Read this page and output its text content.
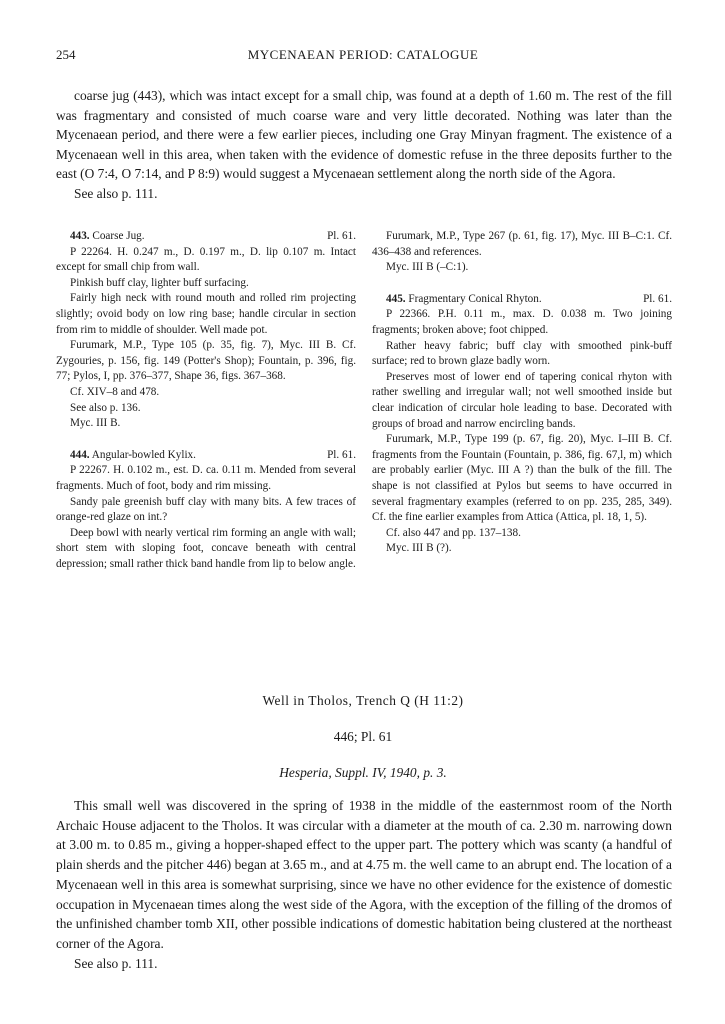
254	MYCENAEAN PERIOD: CATALOGUE

coarse jug (443), which was intact except for a small chip, was found at a depth of 1.60 m. The rest of the fill was fragmentary and consisted of much coarse ware and very little decorated. Nothing was later than the Mycenaean period, and there were a few earlier pieces, including one Gray Minyan fragment. The existence of a Mycenaean well in this area, when taken with the evidence of domestic refuse in the three deposits further to the east (O 7:4, O 7:14, and P 8:9) would suggest a Mycenaean settlement along the north side of the Agora.

See also p. 111.

443. Coarse Jug.	Pl. 61.

P 22264. H. 0.247 m., D. 0.197 m., D. lip 0.107 m. Intact except for small chip from wall.

Pinkish buff clay, lighter buff surfacing.

Fairly high neck with round mouth and rolled rim projecting slightly; ovoid body on low ring base; handle circular in section from rim to middle of shoulder. Well made pot.

Furumark, M.P., Type 105 (p. 35, fig. 7), Myc. III B. Cf. Zygouries, p. 156, fig. 149 (Potter's Shop); Fountain, p. 396, fig. 77; Pylos, I, pp. 376–377, Shape 36, figs. 367–368.

Cf. XIV–8 and 478.

See also p. 136.

Myc. III B.

444. Angular-bowled Kylix.	Pl. 61.

P 22267. H. 0.102 m., est. D. ca. 0.11 m. Mended from several fragments. Much of foot, body and rim missing.

Sandy pale greenish buff clay with many bits. A few traces of orange-red glaze on int.?

Deep bowl with nearly vertical rim forming an angle with wall; short stem with sloping foot, concave beneath with central depression; small rather thick band handle from lip to below angle.

Furumark, M.P., Type 267 (p. 61, fig. 17), Myc. III B–C:1. Cf. 436–438 and references.

Myc. III B (–C:1).

445. Fragmentary Conical Rhyton.	Pl. 61.

P 22366. P.H. 0.11 m., max. D. 0.038 m. Two joining fragments; broken above; foot chipped.

Rather heavy fabric; buff clay with smoothed pink-buff surface; red to brown glaze badly worn.

Preserves most of lower end of tapering conical rhyton with rather swelling and irregular wall; not well smoothed inside but clear indication of circular hole leading to base. Decorated with groups of broad and narrow encircling bands.

Furumark, M.P., Type 199 (p. 67, fig. 20), Myc. I–III B. Cf. fragments from the Fountain (Fountain, p. 386, fig. 67,l, m) which are probably earlier (Myc. III A ?) than the bulk of the fill. The shape is not classified at Pylos but seems to have occurred in several fragmentary examples (referred to on pp. 235, 285, 349). Cf. the fine earlier examples from Attica (Attica, pl. 18, 1, 5).

Cf. also 447 and pp. 137–138.

Myc. III B (?).

Well in Tholos, Trench Q (H 11:2)
446; Pl. 61
Hesperia, Suppl. IV, 1940, p. 3.

This small well was discovered in the spring of 1938 in the middle of the easternmost room of the North Archaic House adjacent to the Tholos. It was circular with a diameter at the mouth of ca. 2.30 m. narrowing down at 3.00 m. to 0.85 m., giving a hopper-shaped effect to the upper part. The pottery which was scanty (a handful of plain sherds and the pitcher 446) began at 3.65 m., and at 4.75 m. the well came to an abrupt end. The location of a Mycenaean well in this area is somewhat surprising, since we have no other evidence for the existence of domestic occupation in Mycenaean times along the west side of the Agora, with the exception of the filling of the dromos of the unfinished chamber tomb XII, other possible indications of domestic habitation being clustered at the northeast corner of the Agora.

See also p. 111.
